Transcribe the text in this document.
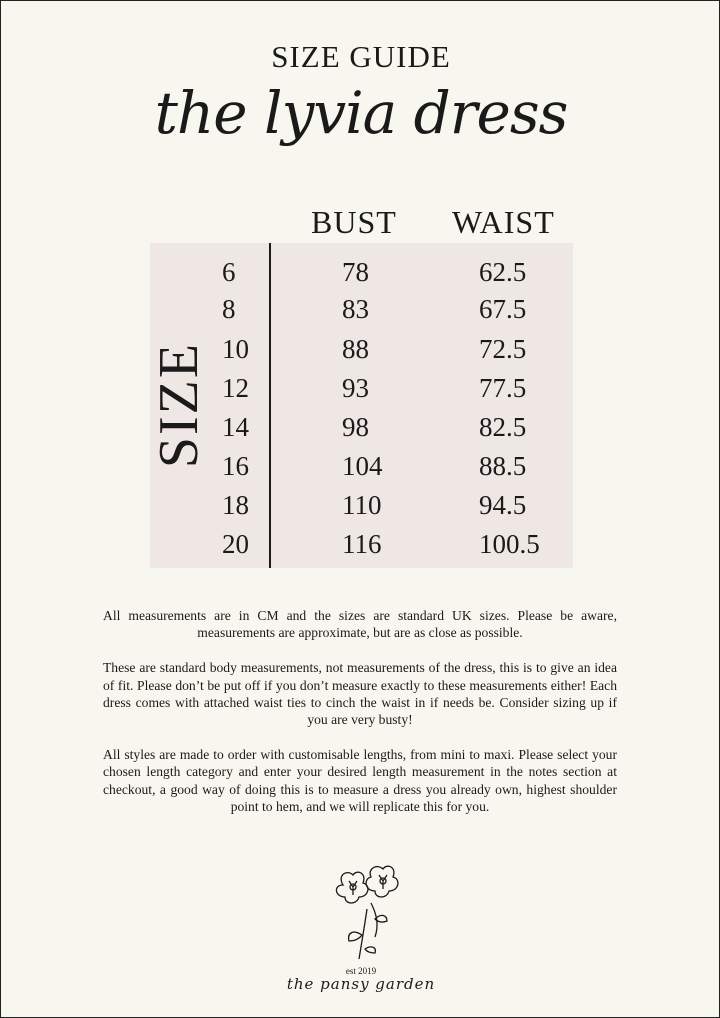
SIZE GUIDE
the lyvia dress
BUST WAIST
SIZE
6	78	62.5
8	83	67.5
10	88	72.5
12	93	77.5
14	98	82.5
16	104	88.5
18	110	94.5
20	116	100.5

All measurements are in CM and the sizes are standard UK sizes. Please be aware, measurements are approximate, but are as close as possible.

These are standard body measurements, not measurements of the dress, this is to give an idea of fit. Please don’t be put off if you don’t measure exactly to these measurements either! Each dress comes with attached waist ties to cinch the waist in if needs be. Consider sizing up if you are very busty!

All styles are made to order with customisable lengths, from mini to maxi. Please select your chosen length category and enter your desired length measurement in the notes section at checkout, a good way of doing this is to measure a dress you already own, highest shoulder point to hem, and we will replicate this for you.

est 2019
the pansy garden
